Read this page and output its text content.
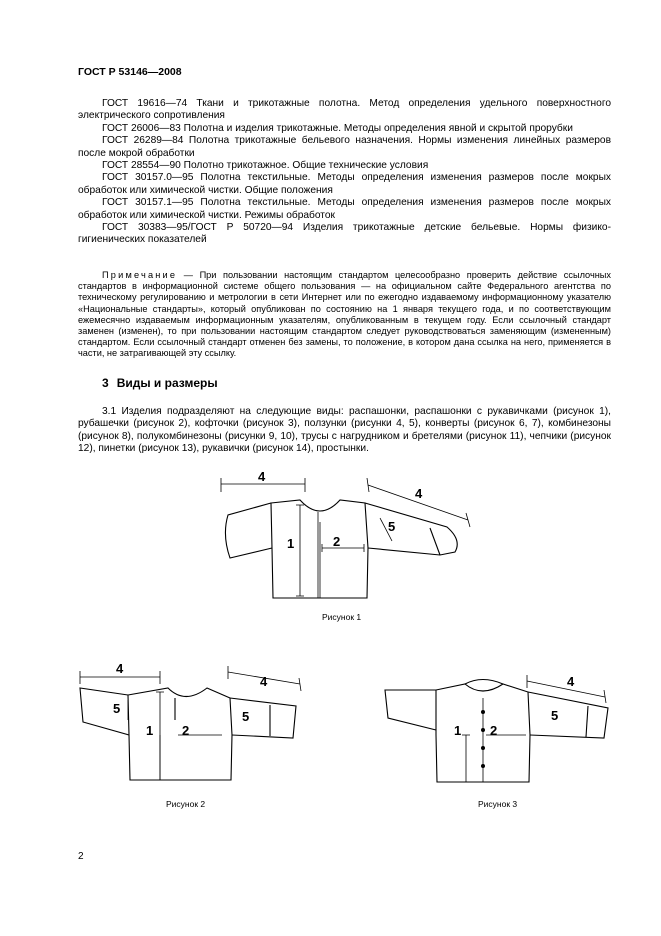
ГОСТ Р 53146—2008

ГОСТ 19616—74 Ткани и трикотажные полотна. Метод определения удельного поверхностного электрического сопротивления

ГОСТ 26006—83 Полотна и изделия трикотажные. Методы определения явной и скрытой прорубки

ГОСТ 26289—84 Полотна трикотажные бельевого назначения. Нормы изменения линейных размеров после мокрой обработки

ГОСТ 28554—90 Полотно трикотажное. Общие технические условия

ГОСТ 30157.0—95 Полотна текстильные. Методы определения изменения размеров после мокрых обработок или химической чистки. Общие положения

ГОСТ 30157.1—95 Полотна текстильные. Методы определения изменения размеров после мокрых обработок или химической чистки. Режимы обработок

ГОСТ 30383—95/ГОСТ Р 50720—94 Изделия трикотажные детские бельевые. Нормы физико-гигиенических показателей

Примечание — При пользовании настоящим стандартом целесообразно проверить действие ссылочных стандартов в информационной системе общего пользования — на официальном сайте Федерального агентства по техническому регулированию и метрологии в сети Интернет или по ежегодно издаваемому информационному указателю «Национальные стандарты», который опубликован по состоянию на 1 января текущего года, и по соответствующим ежемесячно издаваемым информационным указателям, опубликованным в текущем году. Если ссылочный стандарт заменен (изменен), то при пользовании настоящим стандартом следует руководствоваться заменяющим (измененным) стандартом. Если ссылочный стандарт отменен без замены, то положение, в котором дана ссылка на него, применяется в части, не затрагивающей эту ссылку.

3 Виды и размеры

3.1 Изделия подразделяют на следующие виды: распашонки, распашонки с рукавичками (рисунок 1), рубашечки (рисунок 2), кофточки (рисунок 3), ползунки (рисунки 4, 5), конверты (рисунок 6, 7), комбинезоны (рисунок 8), полукомбинезоны (рисунки 9, 10), трусы с нагрудником и бретелями (рисунок 11), чепчики (рисунок 12), пинетки (рисунок 13), рукавички (рисунок 14), простынки.

4
4
5
1	2
Рисунок 1
4
5
4
5
1 2
Рисунок 2
4
5
1 2
Рисунок 3
2
